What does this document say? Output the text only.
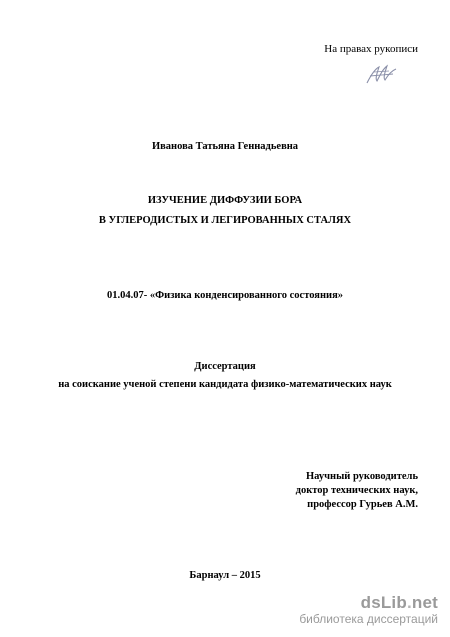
На правах рукописи
Иванова Татьяна Геннадьевна
ИЗУЧЕНИЕ ДИФФУЗИИ БОРА
В УГЛЕРОДИСТЫХ И ЛЕГИРОВАННЫХ СТАЛЯХ
01.04.07- «Физика конденсированного состояния»
Диссертация
на соискание ученой степени кандидата физико-математических наук
Научный руководитель
доктор технических наук,
профессор Гурьев А.М.
Барнаул – 2015
dsLib.net
библиотека диссертаций
